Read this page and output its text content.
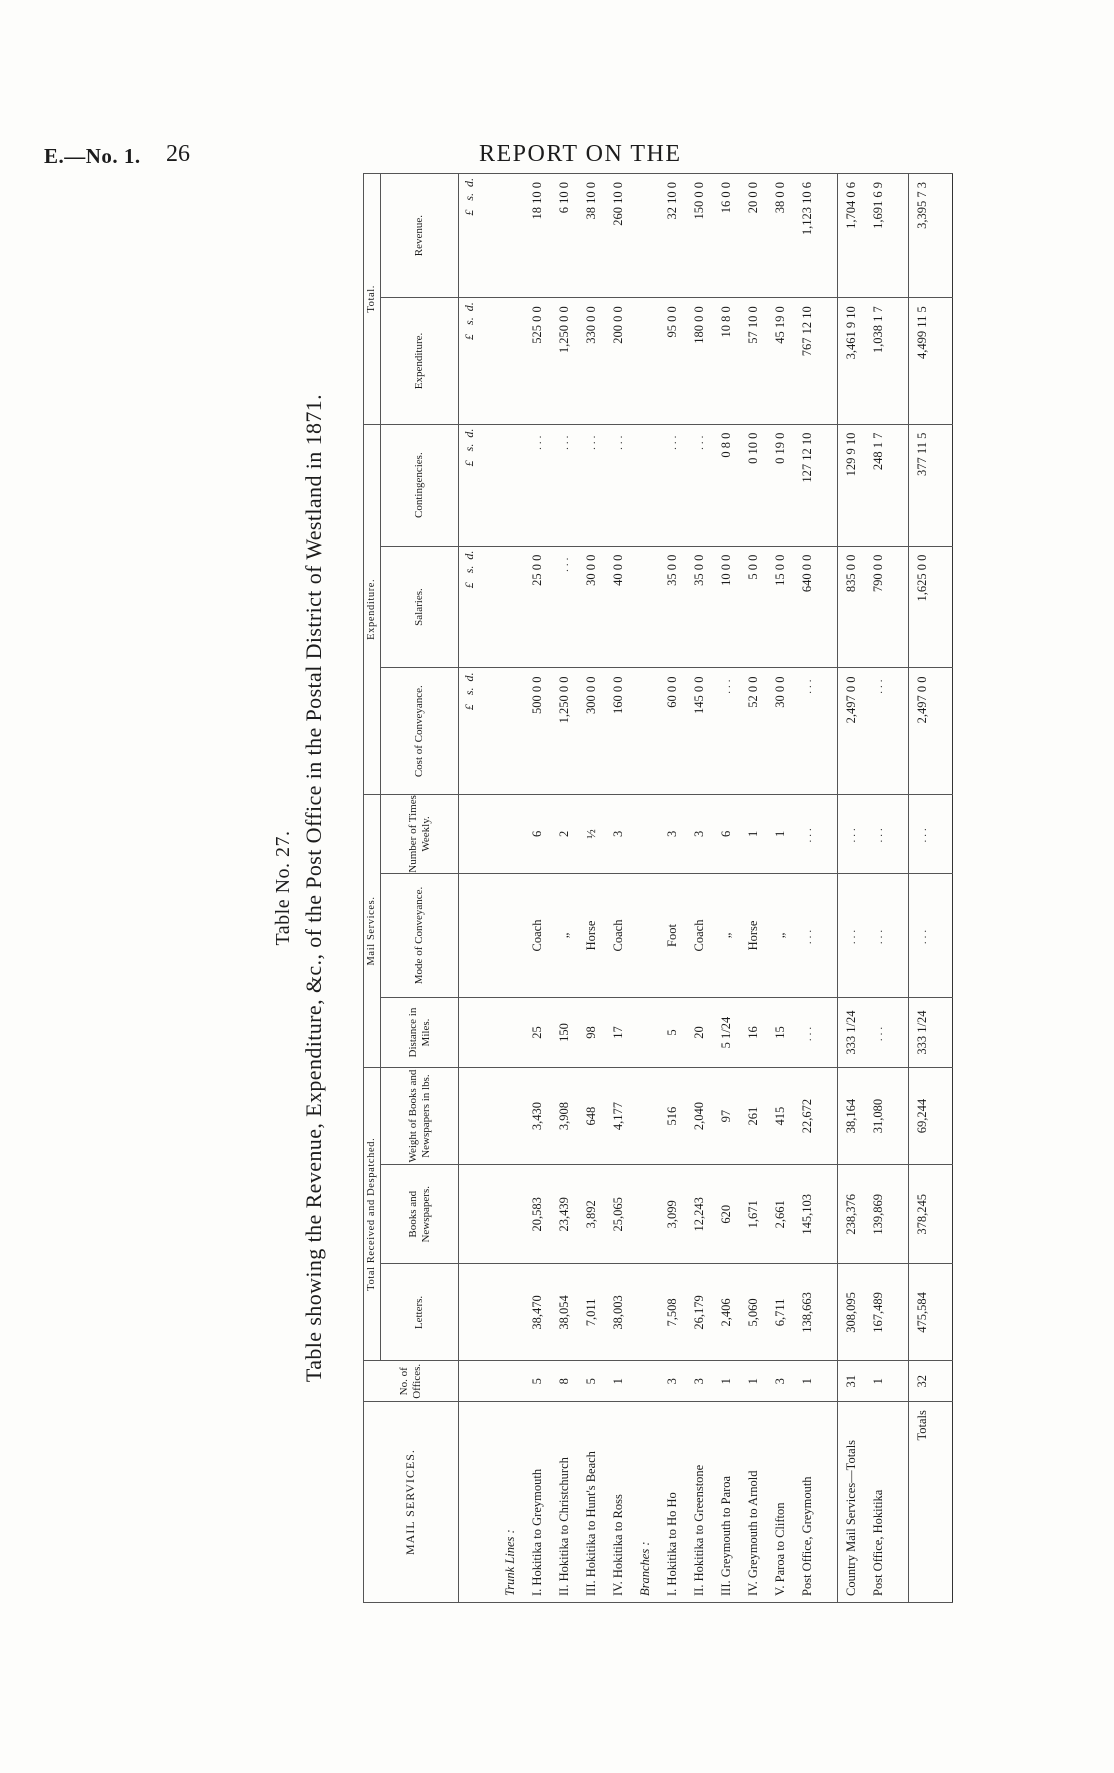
E.—No. 1. 26	REPORT ON THE
Table No. 27. Table showing the Revenue, Expenditure, &c., of the Post Office in the Postal District of Westland in 1871.
MAIL SERVICES.	No. of Offices.	Total Received and Despatched.			Mail Services.			Expenditure.			Total.	
		Letters.	Books and Newspapers.	Weight of Books and Newspapers in lbs.	Distance in Miles.	Mode of Conveyance.	Number of Times Weekly.	Cost of Conveyance.	Salaries.	Contingencies.	Expenditure.	Revenue.
								£   s.  d.	£   s.  d.	£   s.  d.	£   s.  d.	£   s.  d.

Trunk Lines :												
I. Hokitika to Greymouth	5	38,470	20,583	3,430	25	Coach	6	500 0 0	25 0 0	...	525 0 0	18 10 0
II. Hokitika to Christchurch	8	38,054	23,439	3,908	150	„	2	1,250 0 0	...	...	1,250 0 0	6 10 0
III. Hokitika to Hunt's Beach	5	7,011	3,892	648	98	Horse	½	300 0 0	30 0 0	...	330 0 0	38 10 0
IV. Hokitika to Ross	1	38,003	25,065	4,177	17	Coach	3	160 0 0	40 0 0	...	200 0 0	260 10 0
Branches :												
I. Hokitika to Ho Ho	3	7,508	3,099	516	5	Foot	3	60 0 0	35 0 0	...	95 0 0	32 10 0
II. Hokitika to Greenstone	3	26,179	12,243	2,040	20	Coach	3	145 0 0	35 0 0	...	180 0 0	150 0 0
III. Greymouth to Paroa	1	2,406	620	97	5 1/24	„	6	...	10 0 0	0 8 0	10 8 0	16 0 0
IV. Greymouth to Arnold	1	5,060	1,671	261	16	Horse	1	52 0 0	5 0 0	0 10 0	57 10 0	20 0 0
V. Paroa to Clifton	3	6,711	2,661	415	15	„	1	30 0 0	15 0 0	0 19 0	45 19 0	38 0 0
Post Office, Greymouth	1	138,663	145,103	22,672	...	...	...	...	640 0 0	127 12 10	767 12 10	1,123 10 6

Country Mail Services—Totals	31	308,095	238,376	38,164	333 1/24	...	...	2,497 0 0	835 0 0	129 9 10	3,461 9 10	1,704 0 6
Post Office, Hokitika	1	167,489	139,869	31,080	...	...	...	...	790 0 0	248 1 7	1,038 1 7	1,691 6 9

Totals	32	475,584	378,245	69,244	333 1/24	...	...	2,497 0 0	1,625 0 0	377 11 5	4,499 11 5	3,395 7 3
